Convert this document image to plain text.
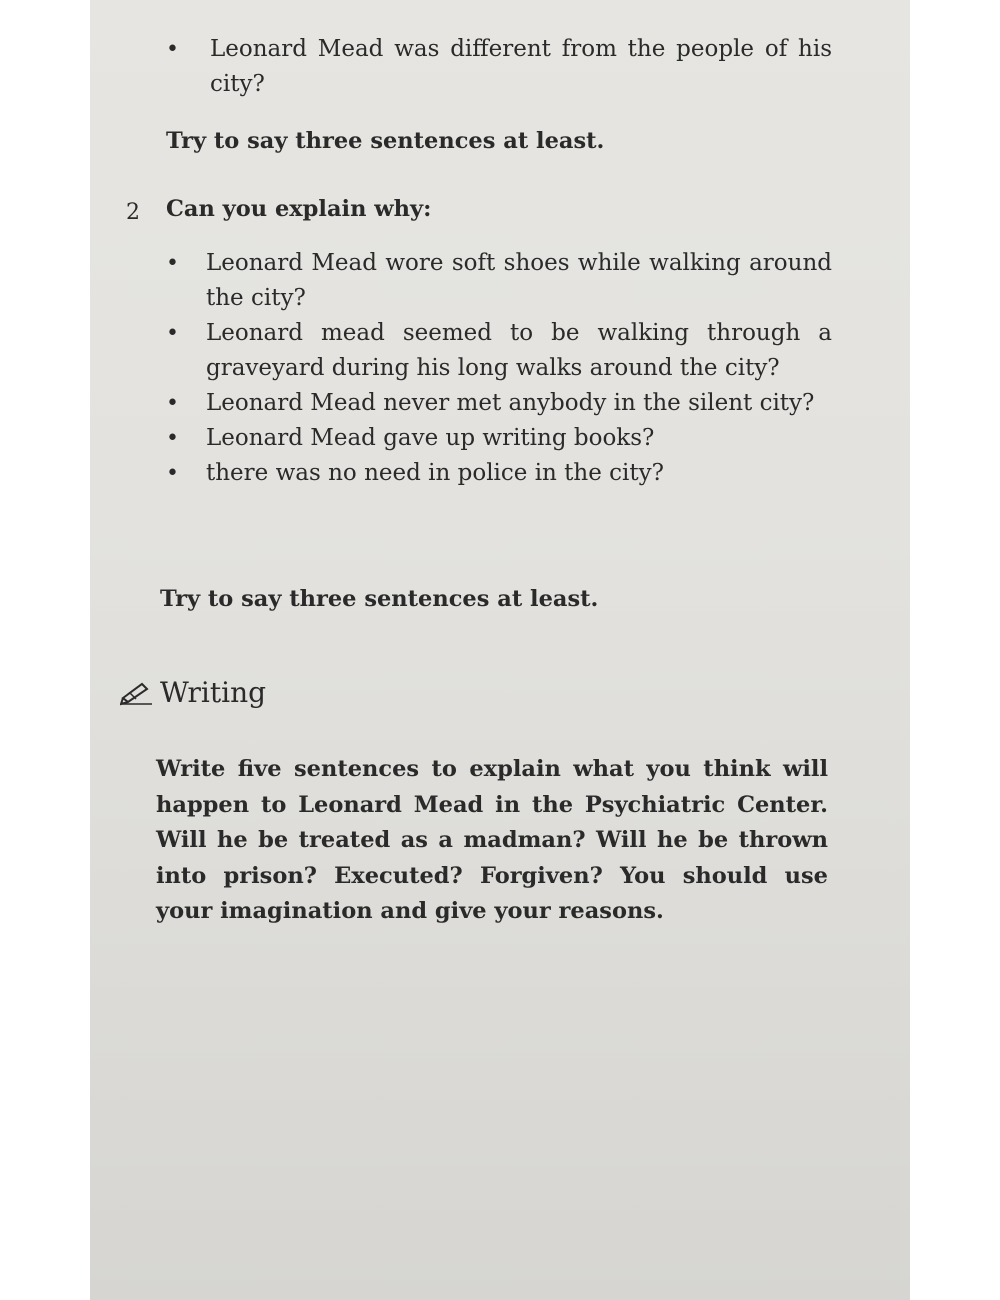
• Leonard Mead was different from the people of his city?
Try to say three sentences at least.
2 Can you explain why:
• Leonard Mead wore soft shoes while walking around the city?
• Leonard mead seemed to be walking through a graveyard during his long walks around the city?
• Leonard Mead never met anybody in the silent city?
• Leonard Mead gave up writing books?
• there was no need in police in the city?
Try to say three sentences at least.
Writing
Write five sentences to explain what you think will happen to Leonard Mead in the Psychiatric Center. Will he be treated as a madman? Will he be thrown into prison? Executed? Forgiven? You should use your imagination and give your reasons.
